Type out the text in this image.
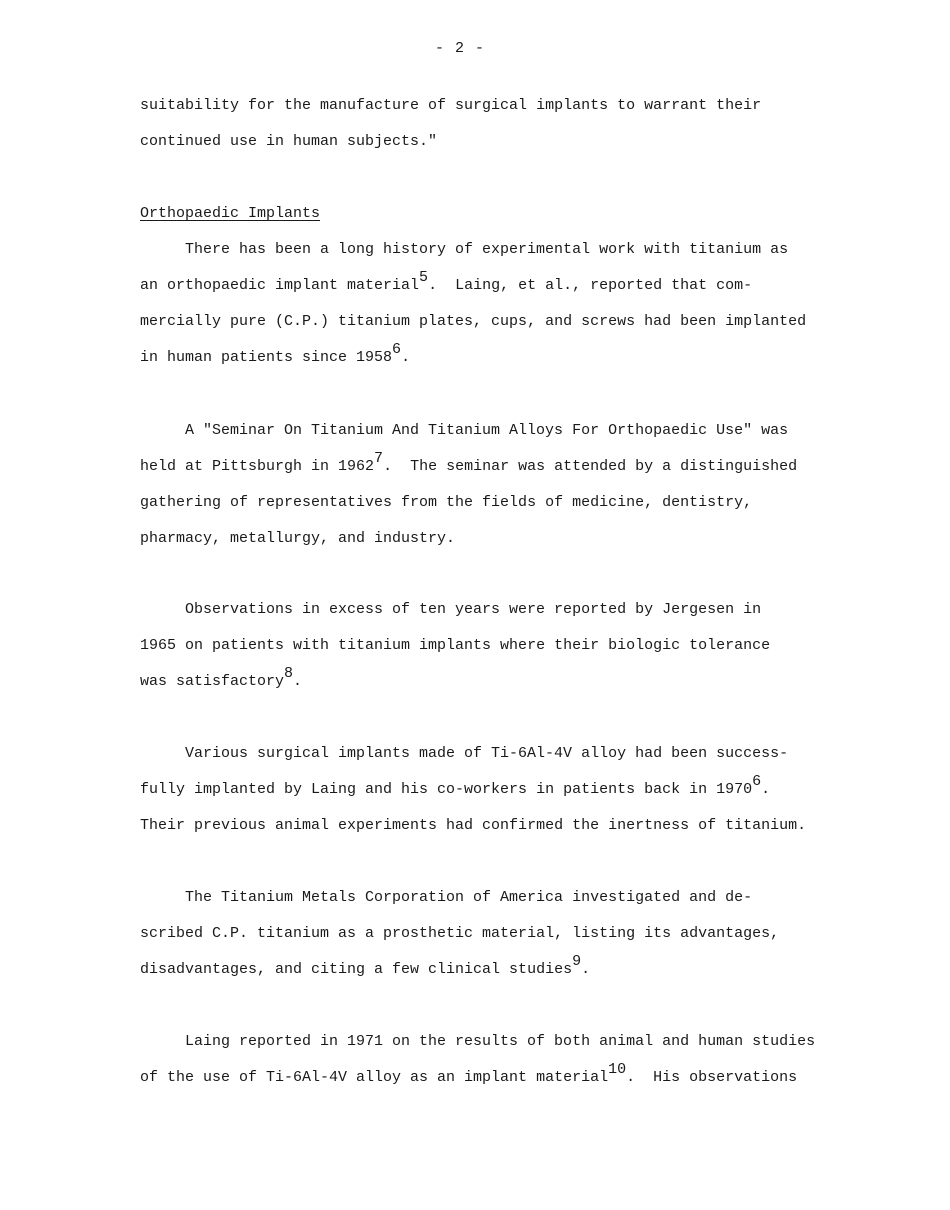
- 2 -
suitability for the manufacture of surgical implants to warrant their
continued use in human subjects."
Orthopaedic Implants
There has been a long history of experimental work with titanium as
an orthopaedic implant material$^5$.  Laing, et al., reported that com-
mercially pure (C.P.) titanium plates, cups, and screws had been implanted
in human patients since 1958$^6$.
A "Seminar On Titanium And Titanium Alloys For Orthopaedic Use" was
held at Pittsburgh in 1962$^7$.  The seminar was attended by a distinguished
gathering of representatives from the fields of medicine, dentistry,
pharmacy, metallurgy, and industry.
Observations in excess of ten years were reported by Jergesen in
1965 on patients with titanium implants where their biologic tolerance
was satisfactory$^8$.
Various surgical implants made of Ti-6Al-4V alloy had been success-
fully implanted by Laing and his co-workers in patients back in 1970$^6$.
Their previous animal experiments had confirmed the inertness of titanium.
The Titanium Metals Corporation of America investigated and de-
scribed C.P. titanium as a prosthetic material, listing its advantages,
disadvantages, and citing a few clinical studies$^9$.
Laing reported in 1971 on the results of both animal and human studies
of the use of Ti-6Al-4V alloy as an implant material$^{10}$.  His observations
